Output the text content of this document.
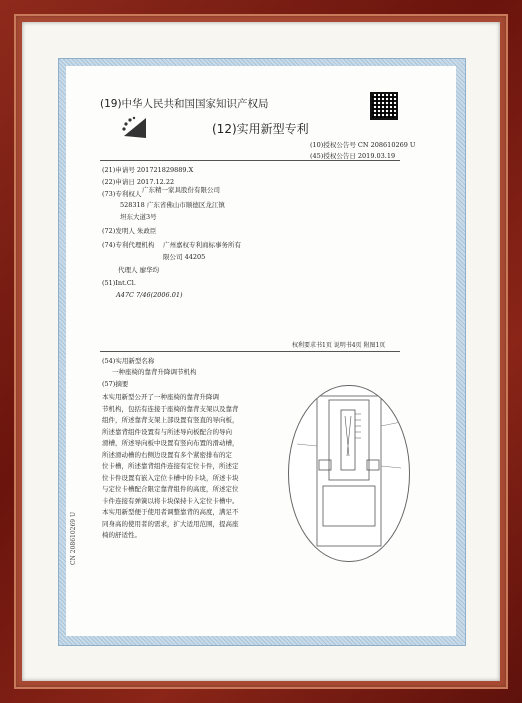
(19)中华人民共和国国家知识产权局
(12)实用新型专利
(10)授权公告号 CN 208610269 U
(45)授权公告日 2019.03.19
(21)申请号 201721829889.X
(22)申请日 2017.12.22
(73)专利权人 广东精一家具股份有限公司
528318 广东省佛山市顺德区龙江镇
坦东大道3号
(72)发明人 朱政臣
(74)专利代理机构 广州嘉权专利商标事务所有
限公司 44205
代理人 廖华均
(51)Int.Cl.
A47C 7/46(2006.01)
权利要求书1页 说明书4页 附图1页
(54)实用新型名称
一种座椅的靠背升降调节机构
(57)摘要
本实用新型公开了一种座椅的靠背升降调
节机构，包括有连接于座椅的靠背支架以及靠背
组件，所述靠背支架上部设置有竖直的导向板，
所述靠背组件设置有与所述导向板配合的导向
滑槽，所述导向板中设置有竖向布置的滑动槽，
所述滑动槽的右侧边设置有多个紧密排布的定
位卡槽，所述靠背组件连接有定位卡件，所述定
位卡件设置有嵌入定位卡槽中的卡块，所述卡块
与定位卡槽配合限定靠背组件的高度，所述定位
卡件连接有弹簧以将卡块保持卡入定位卡槽中。
本实用新型便于使用者调整靠背的高度，满足不
同身高的使用者的需求，扩大适用范围，提高座
椅的舒适性。
CN 208610269 U
